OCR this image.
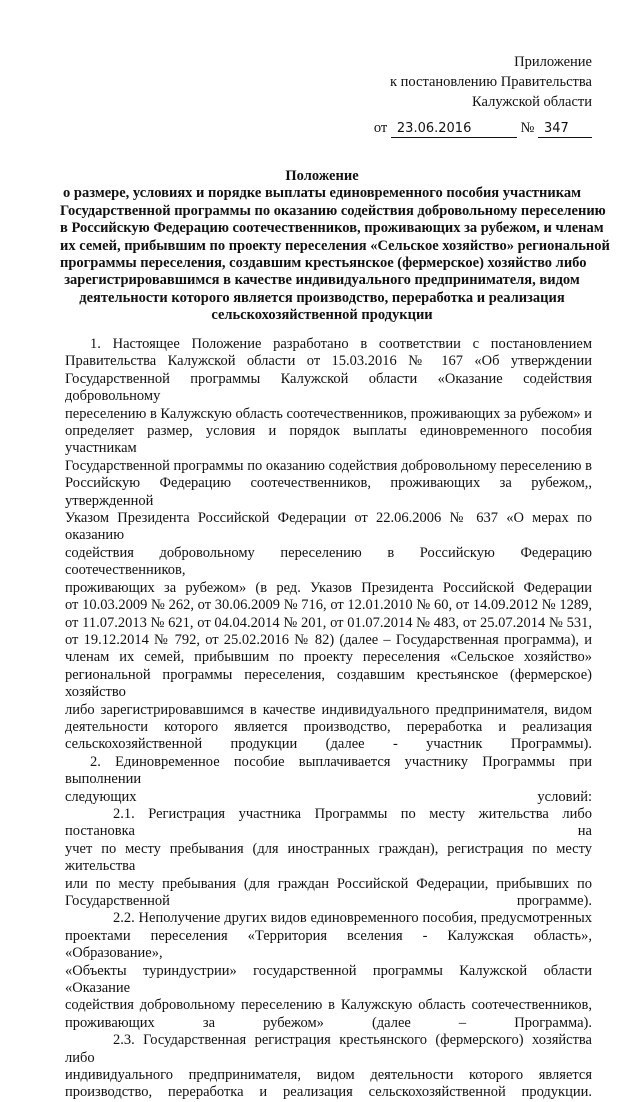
Приложение
к постановлению Правительства
Калужской области
от 23.06.2016	№ 347
Положение
о размере, условиях и порядке выплаты единовременного пособия участникам
Государственной программы по оказанию содействия добровольному переселению
в Российскую Федерацию соотечественников, проживающих за рубежом, и членам
их семей, прибывшим по проекту переселения «Сельское хозяйство» региональной
программы переселения, создавшим крестьянское (фермерское) хозяйство либо
зарегистрировавшимся в качестве индивидуального предпринимателя, видом
деятельности которого является производство, переработка и реализация
сельскохозяйственной продукции

1. Настоящее Положение разработано в соответствии с постановлением
Правительства Калужской области от 15.03.2016 № 167 «Об утверждении
Государственной программы Калужской области «Оказание содействия добровольному
переселению в Калужскую область соотечественников, проживающих за рубежом» и
определяет размер, условия и порядок выплаты единовременного пособия участникам
Государственной программы по оказанию содействия добровольному переселению в
Российскую Федерацию соотечественников, проживающих за рубежом,, утвержденной
Указом Президента Российской Федерации от 22.06.2006 № 637 «О мерах по оказанию
содействия добровольному переселению в Российскую Федерацию соотечественников,
проживающих за рубежом» (в ред. Указов Президента Российской Федерации
от 10.03.2009 № 262, от 30.06.2009 № 716, от 12.01.2010 № 60, от 14.09.2012 № 1289,
от 11.07.2013 № 621, от 04.04.2014 № 201, от 01.07.2014 № 483, от 25.07.2014 № 531,
от 19.12.2014 № 792, от 25.02.2016 № 82) (далее – Государственная программа), и
членам их семей, прибывшим по проекту переселения «Сельское хозяйство»
региональной программы переселения, создавшим крестьянское (фермерское) хозяйство
либо зарегистрировавшимся в качестве индивидуального предпринимателя, видом
деятельности которого является производство, переработка и реализация
сельскохозяйственной продукции (далее - участник Программы).

2. Единовременное пособие выплачивается участнику Программы при выполнении
следующих условий:

2.1. Регистрация участника Программы по месту жительства либо постановка на
учет по месту пребывания (для иностранных граждан), регистрация по месту жительства
или по месту пребывания (для граждан Российской Федерации, прибывших по
Государственной программе).

2.2. Неполучение других видов единовременного пособия, предусмотренных
проектами переселения «Территория вселения - Калужская область», «Образование»,
«Объекты туриндустрии» государственной программы Калужской области «Оказание
содействия добровольному переселению в Калужскую область соотечественников,
проживающих за рубежом» (далее – Программа).

2.3. Государственная регистрация крестьянского (фермерского) хозяйства либо
индивидуального предпринимателя, видом деятельности которого является
производство, переработка и реализация сельскохозяйственной продукции.
